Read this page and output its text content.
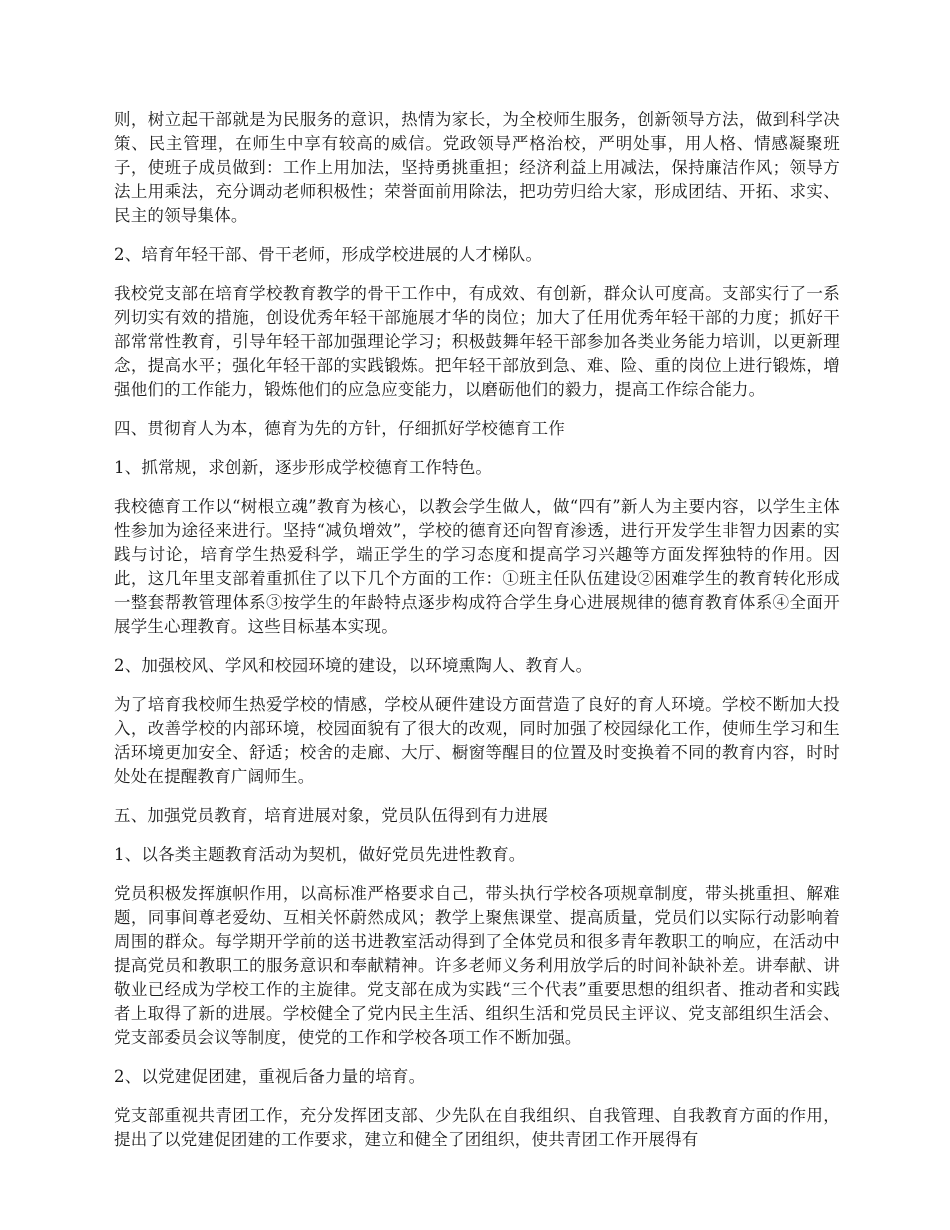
则，树立起干部就是为民服务的意识，热情为家长，为全校师生服务，创新领导方法，做到科学决策、民主管理，在师生中享有较高的威信。党政领导严格治校，严明处事，用人格、情感凝聚班子，使班子成员做到：工作上用加法，坚持勇挑重担；经济利益上用减法，保持廉洁作风；领导方法上用乘法，充分调动老师积极性；荣誉面前用除法，把功劳归给大家，形成团结、开拓、求实、民主的领导集体。

2、培育年轻干部、骨干老师，形成学校进展的人才梯队。

我校党支部在培育学校教育教学的骨干工作中，有成效、有创新，群众认可度高。支部实行了一系列切实有效的措施，创设优秀年轻干部施展才华的岗位；加大了任用优秀年轻干部的力度；抓好干部常常性教育，引导年轻干部加强理论学习；积极鼓舞年轻干部参加各类业务能力培训，以更新理念，提高水平；强化年轻干部的实践锻炼。把年轻干部放到急、难、险、重的岗位上进行锻炼，增强他们的工作能力，锻炼他们的应急应变能力，以磨砺他们的毅力，提高工作综合能力。

四、贯彻育人为本，德育为先的方针，仔细抓好学校德育工作

1、抓常规，求创新，逐步形成学校德育工作特色。

我校德育工作以“树根立魂”教育为核心，以教会学生做人，做“四有”新人为主要内容，以学生主体性参加为途径来进行。坚持“减负增效”，学校的德育还向智育渗透，进行开发学生非智力因素的实践与讨论，培育学生热爱科学，端正学生的学习态度和提高学习兴趣等方面发挥独特的作用。因此，这几年里支部着重抓住了以下几个方面的工作：①班主任队伍建设②困难学生的教育转化形成一整套帮教管理体系③按学生的年龄特点逐步构成符合学生身心进展规律的德育教育体系④全面开展学生心理教育。这些目标基本实现。

2、加强校风、学风和校园环境的建设，以环境熏陶人、教育人。

为了培育我校师生热爱学校的情感，学校从硬件建设方面营造了良好的育人环境。学校不断加大投入，改善学校的内部环境，校园面貌有了很大的改观，同时加强了校园绿化工作，使师生学习和生活环境更加安全、舒适；校舍的走廊、大厅、橱窗等醒目的位置及时变换着不同的教育内容，时时处处在提醒教育广阔师生。

五、加强党员教育，培育进展对象，党员队伍得到有力进展

1、以各类主题教育活动为契机，做好党员先进性教育。

党员积极发挥旗帜作用，以高标准严格要求自己，带头执行学校各项规章制度，带头挑重担、解难题，同事间尊老爱幼、互相关怀蔚然成风；教学上聚焦课堂、提高质量，党员们以实际行动影响着周围的群众。每学期开学前的送书进教室活动得到了全体党员和很多青年教职工的响应，在活动中提高党员和教职工的服务意识和奉献精神。许多老师义务利用放学后的时间补缺补差。讲奉献、讲敬业已经成为学校工作的主旋律。党支部在成为实践“三个代表”重要思想的组织者、推动者和实践者上取得了新的进展。学校健全了党内民主生活、组织生活和党员民主评议、党支部组织生活会、党支部委员会议等制度，使党的工作和学校各项工作不断加强。

2、以党建促团建，重视后备力量的培育。

党支部重视共青团工作，充分发挥团支部、少先队在自我组织、自我管理、自我教育方面的作用，提出了以党建促团建的工作要求，建立和健全了团组织，使共青团工作开展得有
